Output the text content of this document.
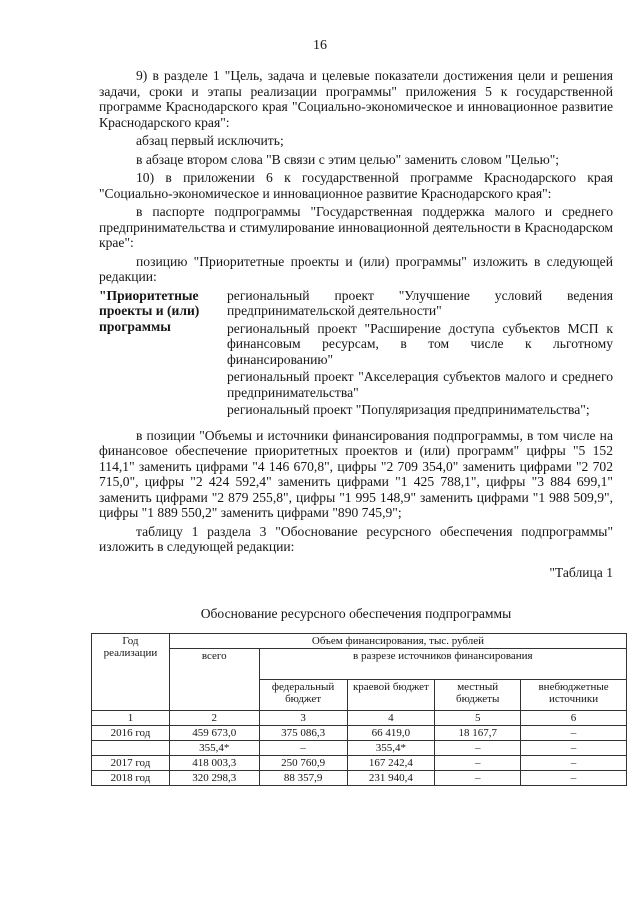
16

9) в разделе 1 "Цель, задача и целевые показатели достижения цели и решения задачи, сроки и этапы реализации программы" приложения 5 к государственной программе Краснодарского края "Социально-экономическое и инновационное развитие Краснодарского края":

абзац первый исключить;

в абзаце втором слова "В связи с этим целью" заменить словом "Целью";

10) в приложении 6 к государственной программе Краснодарского края "Социально-экономическое и инновационное развитие Краснодарского края":

в паспорте подпрограммы "Государственная поддержка малого и среднего предпринимательства и стимулирование инновационной деятельности в Краснодарском крае":

позицию "Приоритетные проекты и (или) программы" изложить в следующей редакции:

"Приоритетные проекты и (или) программы
региональный проект "Улучшение условий ведения предпринимательской деятельности"
региональный проект "Расширение доступа субъектов МСП к финансовым ресурсам, в том числе к льготному финансированию"
региональный проект "Акселерация субъектов малого и среднего предпринимательства"
региональный проект "Популяризация предпринимательства";

в позиции "Объемы и источники финансирования подпрограммы, в том числе на финансовое обеспечение приоритетных проектов и (или) программ" цифры "5 152 114,1" заменить цифрами "4 146 670,8", цифры "2 709 354,0" заменить цифрами "2 702 715,0", цифры "2 424 592,4" заменить цифрами "1 425 788,1", цифры "3 884 699,1" заменить цифрами "2 879 255,8", цифры "1 995 148,9" заменить цифрами "1 988 509,9", цифры "1 889 550,2" заменить цифрами "890 745,9";

таблицу 1 раздела 3 "Обоснование ресурсного обеспечения подпрограммы" изложить в следующей редакции:

"Таблица 1
Обоснование ресурсного обеспечения подпрограммы
Год реализации	Объем финансирования, тыс. рублей				
	всего	в разрезе источников финансирования			
		федеральный бюджет	краевой бюджет	местный бюджеты	внебюджетные источники
1	2	3	4	5	6
2016 год	459 673,0	375 086,3	66 419,0	18 167,7	–
	355,4*	–	355,4*	–	–
2017 год	418 003,3	250 760,9	167 242,4	–	–
2018 год	320 298,3	88 357,9	231 940,4	–	–
